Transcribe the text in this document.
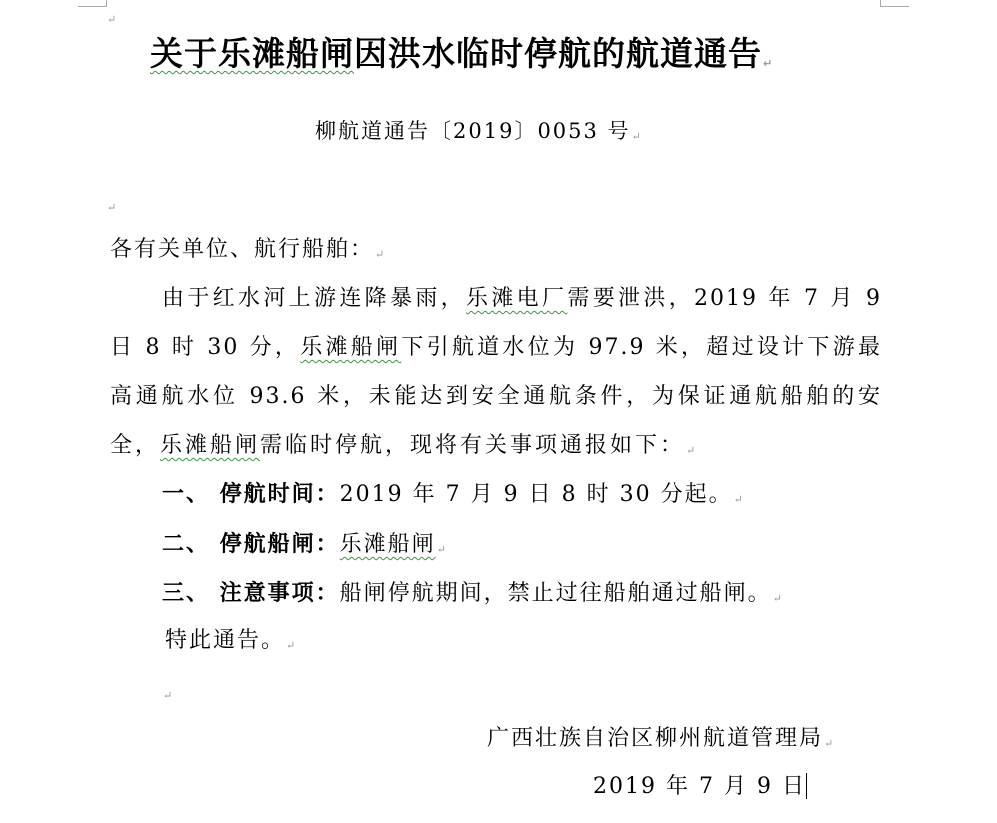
↵
关于乐滩船闸因洪水临时停航的航道通告↵
柳航道通告〔2019〕0053 号↵
↵
各有关单位、航行船舶：↵
由于红水河上游连降暴雨，乐滩电厂需要泄洪，2019 年 7 月 9
日 8 时 30 分，乐滩船闸下引航道水位为 97.9 米，超过设计下游最
高通航水位 93.6 米，未能达到安全通航条件，为保证通航船舶的安
全，乐滩船闸需临时停航，现将有关事项通报如下：↵
一、 停航时间：2019 年 7 月 9 日 8 时 30 分起。↵
二、 停航船闸：乐滩船闸↵
三、 注意事项：船闸停航期间，禁止过往船舶通过船闸。↵
特此通告。↵
↵
广西壮族自治区柳州航道管理局↵
2019 年 7 月 9 日
